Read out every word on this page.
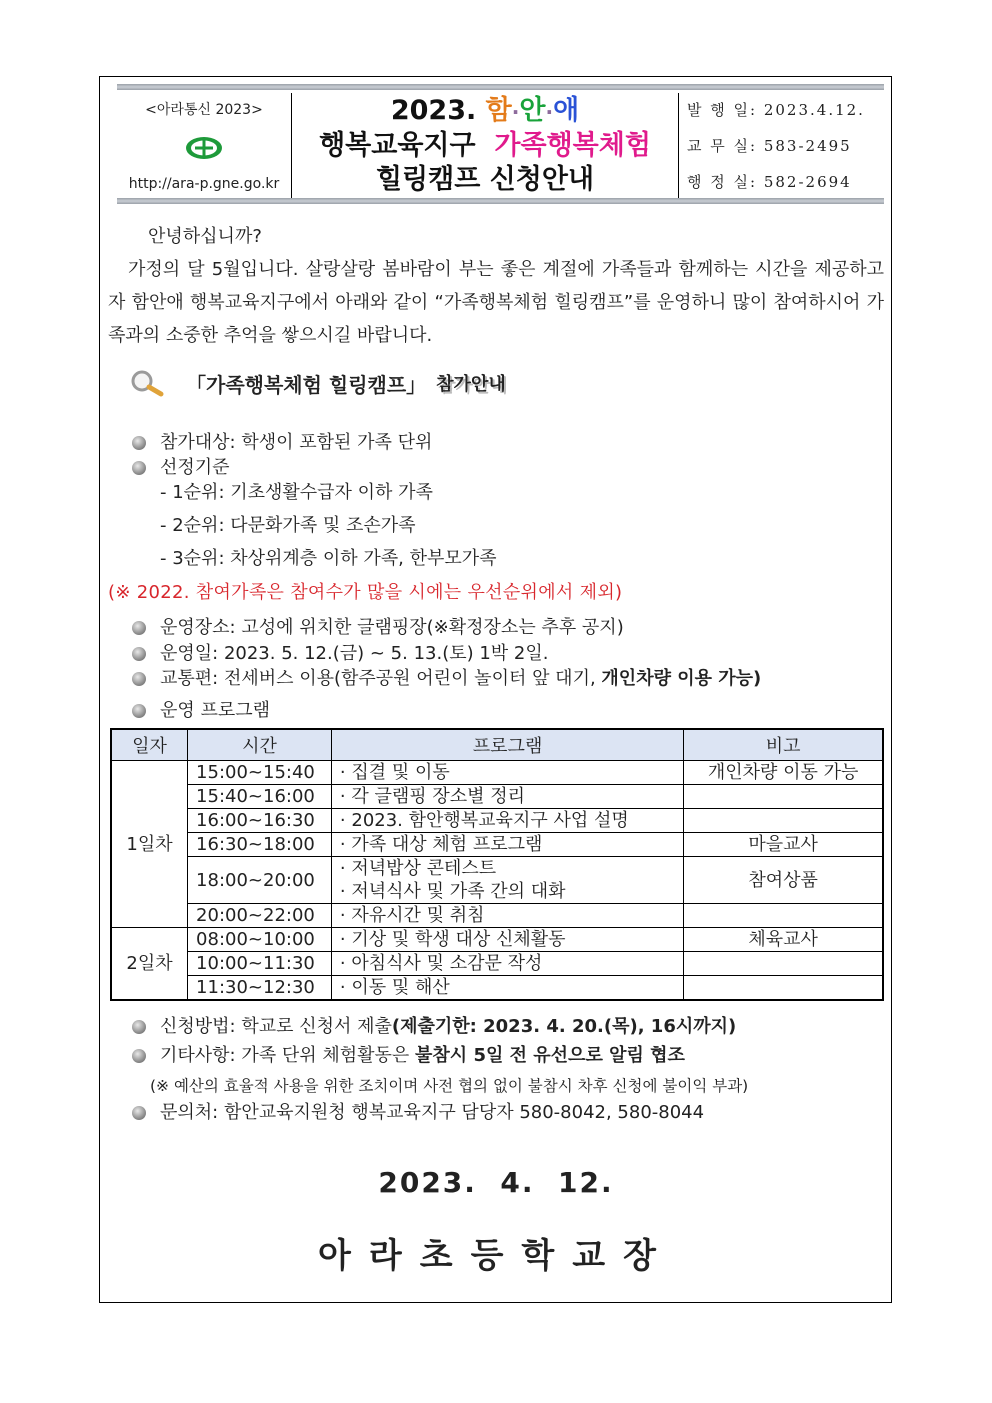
<아라통신 2023>
http://ara-p.gne.go.kr
2023. 함·안·애
행복교육지구 가족행복체험
힐링캠프 신청안내
발 행 일: 2023.4.12.
교 무 실: 583-2495
행 정 실: 582-2694
안녕하십니까?
가정의 달 5월입니다. 살랑살랑 봄바람이 부는 좋은 계절에 가족들과 함께하는 시간을 제공하고자 함안애 행복교육지구에서 아래와 같이 “가족행복체험 힐링캠프”를 운영하니 많이 참여하시어 가족과의 소중한 추억을 쌓으시길 바랍니다.
「가족행복체험 힐링캠프」 참가안내
참가대상: 학생이 포함된 가족 단위
선정기준
- 1순위: 기초생활수급자 이하 가족
- 2순위: 다문화가족 및 조손가족
- 3순위: 차상위계층 이하 가족, 한부모가족
(※ 2022. 참여가족은 참여수가 많을 시에는 우선순위에서 제외)
운영장소: 고성에 위치한 글램핑장(※확정장소는 추후 공지)
운영일: 2023. 5. 12.(금) ~ 5. 13.(토) 1박 2일.
교통편: 전세버스 이용(함주공원 어린이 놀이터 앞 대기,
개인차량 이용 가능)
운영 프로그램
일자	시간	프로그램	비고
1일차	15:00~15:40	· 집결 및 이동	개인차량 이동 가능
	15:40~16:00	· 각 글램핑 장소별 정리	
	16:00~16:30	· 2023. 함안행복교육지구 사업 설명	
	16:30~18:00	· 가족 대상 체험 프로그램	마을교사
	18:00~20:00	· 저녁밥상 콘테스트	참여상품
		· 저녁식사 및 가족 간의 대화	
	20:00~22:00	· 자유시간 및 취침	
2일차	08:00~10:00	· 기상 및 학생 대상 신체활동	체육교사
	10:00~11:30	· 아침식사 및 소감문 작성	
	11:30~12:30	· 이동 및 해산	
신청방법: 학교로 신청서 제출 (제출기한: 2023. 4. 20.(목), 16시까지)
기타사항: 가족 단위 체험활동은
불참시 5일 전 유선으로 알림 협조
(※ 예산의 효율적 사용을 위한 조치이며 사전 협의 없이 불참시 차후 신청에 불이익 부과)
문의처: 함안교육지원청 행복교육지구 담당자 580-8042, 580-8044
2023.  4.  12.
아라초등학교장
